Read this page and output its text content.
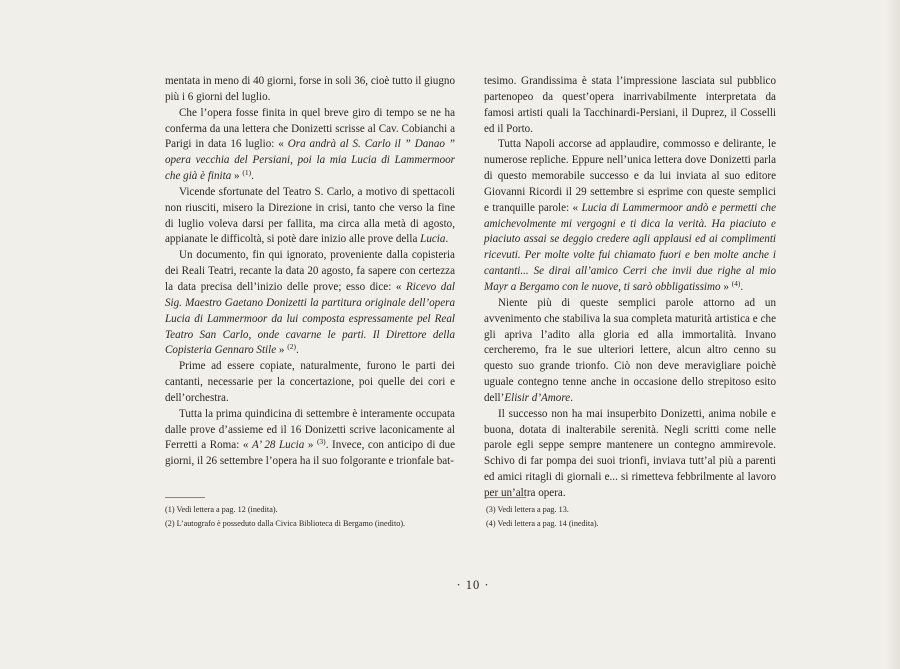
mentata in meno di 40 giorni, forse in soli 36, cioè tutto il giugno più i 6 giorni del luglio.

Che l’opera fosse finita in quel breve giro di tempo se ne ha conferma da una lettera che Donizetti scrisse al Cav. Cobianchi a Parigi in data 16 luglio: « Ora andrà al S. Carlo il ” Danao ” opera vecchia del Persiani, poi la mia Lucia di Lammermoor che già è finita » $^{(1)}$.

Vicende sfortunate del Teatro S. Carlo, a motivo di spettacoli non riusciti, misero la Direzione in crisi, tanto che verso la fine di luglio voleva darsi per fallita, ma circa alla metà di agosto, appianate le difficoltà, si potè dare inizio alle prove della Lucia.

Un documento, fin qui ignorato, proveniente dalla copisteria dei Reali Teatri, recante la data 20 agosto, fa sapere con certezza la data precisa dell’inizio delle prove; esso dice: « Ricevo dal Sig. Maestro Gaetano Donizetti la partitura originale dell’opera Lucia di Lammermoor da lui composta espressamente pel Real Teatro San Carlo, onde cavarne le parti. Il Direttore della Copisteria Gennaro Stile » $^{(2)}$.

Prime ad essere copiate, naturalmente, furono le parti dei cantanti, necessarie per la concertazione, poi quelle dei cori e dell’orchestra.

Tutta la prima quindicina di settembre è interamente occupata dalle prove d’assieme ed il 16 Donizetti scrive laconicamente al Ferretti a Roma: « A’ 28 Lucia » $^{(3)}$. Invece, con anticipo di due giorni, il 26 settembre l’opera ha il suo folgorante e trionfale bat-

tesimo. Grandissima è stata l’impressione lasciata sul pubblico partenopeo da quest’opera inarrivabilmente interpretata da famosi artisti quali la Tacchinardi-Persiani, il Duprez, il Cosselli ed il Porto.

Tutta Napoli accorse ad applaudire, commosso e delirante, le numerose repliche. Eppure nell’unica lettera dove Donizetti parla di questo memorabile successo e da lui inviata al suo editore Giovanni Ricordi il 29 settembre si esprime con queste semplici e tranquille parole: « Lucia di Lammermoor andò e permetti che amichevolmente mi vergogni e ti dica la verità. Ha piaciuto e piaciuto assai se deggio credere agli applausi ed ai complimenti ricevuti. Per molte volte fui chiamato fuori e ben molte anche i cantanti... Se dirai all’amico Cerri che invii due righe al mio Mayr a Bergamo con le nuove, ti sarò obbligatissimo » $^{(4)}$.

Niente più di queste semplici parole attorno ad un avvenimento che stabiliva la sua completa maturità artistica e che gli apriva l’adito alla gloria ed alla immortalità. Invano cercheremo, fra le sue ulteriori lettere, alcun altro cenno su questo suo grande trionfo. Ciò non deve meravigliare poichè uguale contegno tenne anche in occasione dello strepitoso esito dell’Elisir d’Amore.

Il successo non ha mai insuperbito Donizetti, anima nobile e buona, dotata di inalterabile serenità. Negli scritti come nelle parole egli seppe sempre mantenere un contegno ammirevole. Schivo di far pompa dei suoi trionfi, inviava tutt’al più a parenti ed amici ritagli di giornali e... si rimetteva febbrilmente al lavoro per un’altra opera.

(1) Vedi lettera a pag. 12 (inedita).
(2) L’autografo è posseduto dalla Civica Biblioteca di Bergamo (inedito).
(3) Vedi lettera a pag. 13.
(4) Vedi lettera a pag. 14 (inedita).
· 10 ·
